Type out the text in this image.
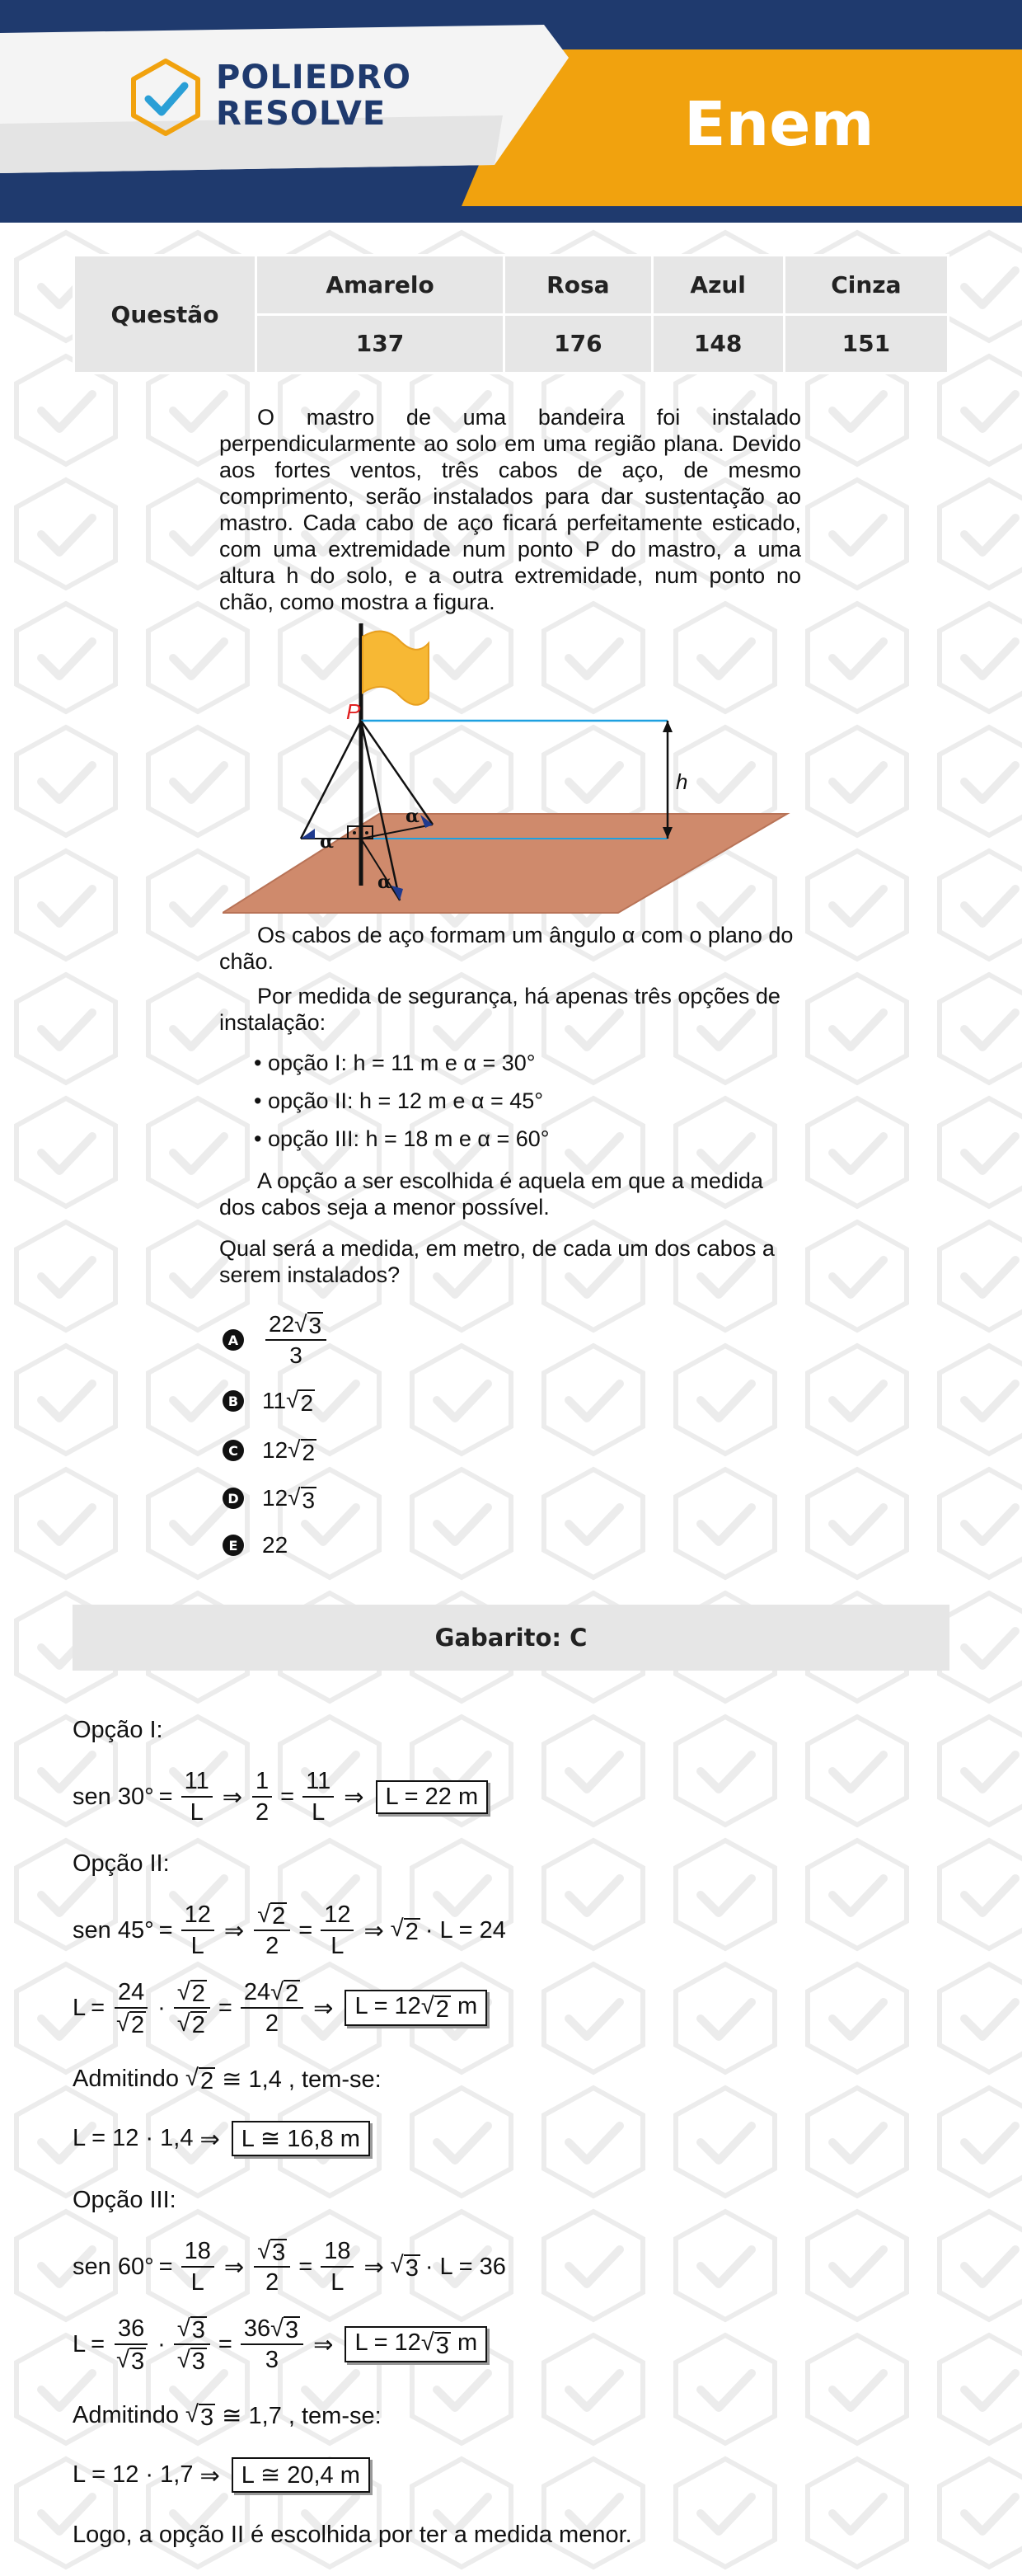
POLIEDRO
RESOLVE	Enem
Questão	Amarelo	Rosa	Azul	Cinza
	137	176	148	151
O mastro de uma bandeira foi instalado perpendicularmente ao solo em uma região plana. Devido aos fortes ventos, três cabos de aço, de mesmo comprimento, serão instalados para dar sustentação ao mastro. Cada cabo de aço ficará perfeitamente esticado, com uma extremidade num ponto P do mastro, a uma altura h do solo, e a outra extremidade, num ponto no chão, como mostra a figura.
P
h
α
α
α
Os cabos de aço formam um ângulo α com o plano do chão.
Por medida de segurança, há apenas três opções de instalação:
• opção I: h = 11 m e α = 30°
• opção II: h = 12 m e α = 45°
• opção III: h = 18 m e α = 60°
A opção a ser escolhida é aquela em que a medida dos cabos seja a menor possível.
Qual será a medida, em metro, de cada um dos cabos a serem instalados?
A $\frac{22 √ 3}{3}$
B 11 √ 2
C 12 √ 2
D 12 √ 3
E 22
Gabarito: C
Opção I:
sen $30^\circ = \frac{11}{L}$ ⇒ $\frac{1}{2} = \frac{11}{L}$ ⇒ L = 22 m
Opção II:
sen $45^\circ = \frac{12}{L}$ ⇒ $\frac{√ 2}{2} = \frac{12}{L}$ ⇒ √ 2 · L = 24
$L = \frac{24}{√ 2} \cdot \frac{√ 2}{√ 2} = \frac{24 √ 2}{2}$ ⇒ L = 12 √ 2 m
Admitindo
√ 2
≅ 1,4 , tem-se:
L = 12 · 1,4 ⇒ L ≅ 16,8 m
Opção III:
sen $60^\circ = \frac{18}{L}$ ⇒ $\frac{√ 3}{2} = \frac{18}{L}$ ⇒ √ 3 · L = 36
$L = \frac{36}{√ 3} \cdot \frac{√ 3}{√ 3} = \frac{36 √ 3}{3}$ ⇒ L = 12 √ 3 m
Admitindo
√ 3
≅ 1,7 , tem-se:
L = 12 · 1,7 ⇒ L ≅ 20,4 m
Logo, a opção II é escolhida por ter a medida menor.
